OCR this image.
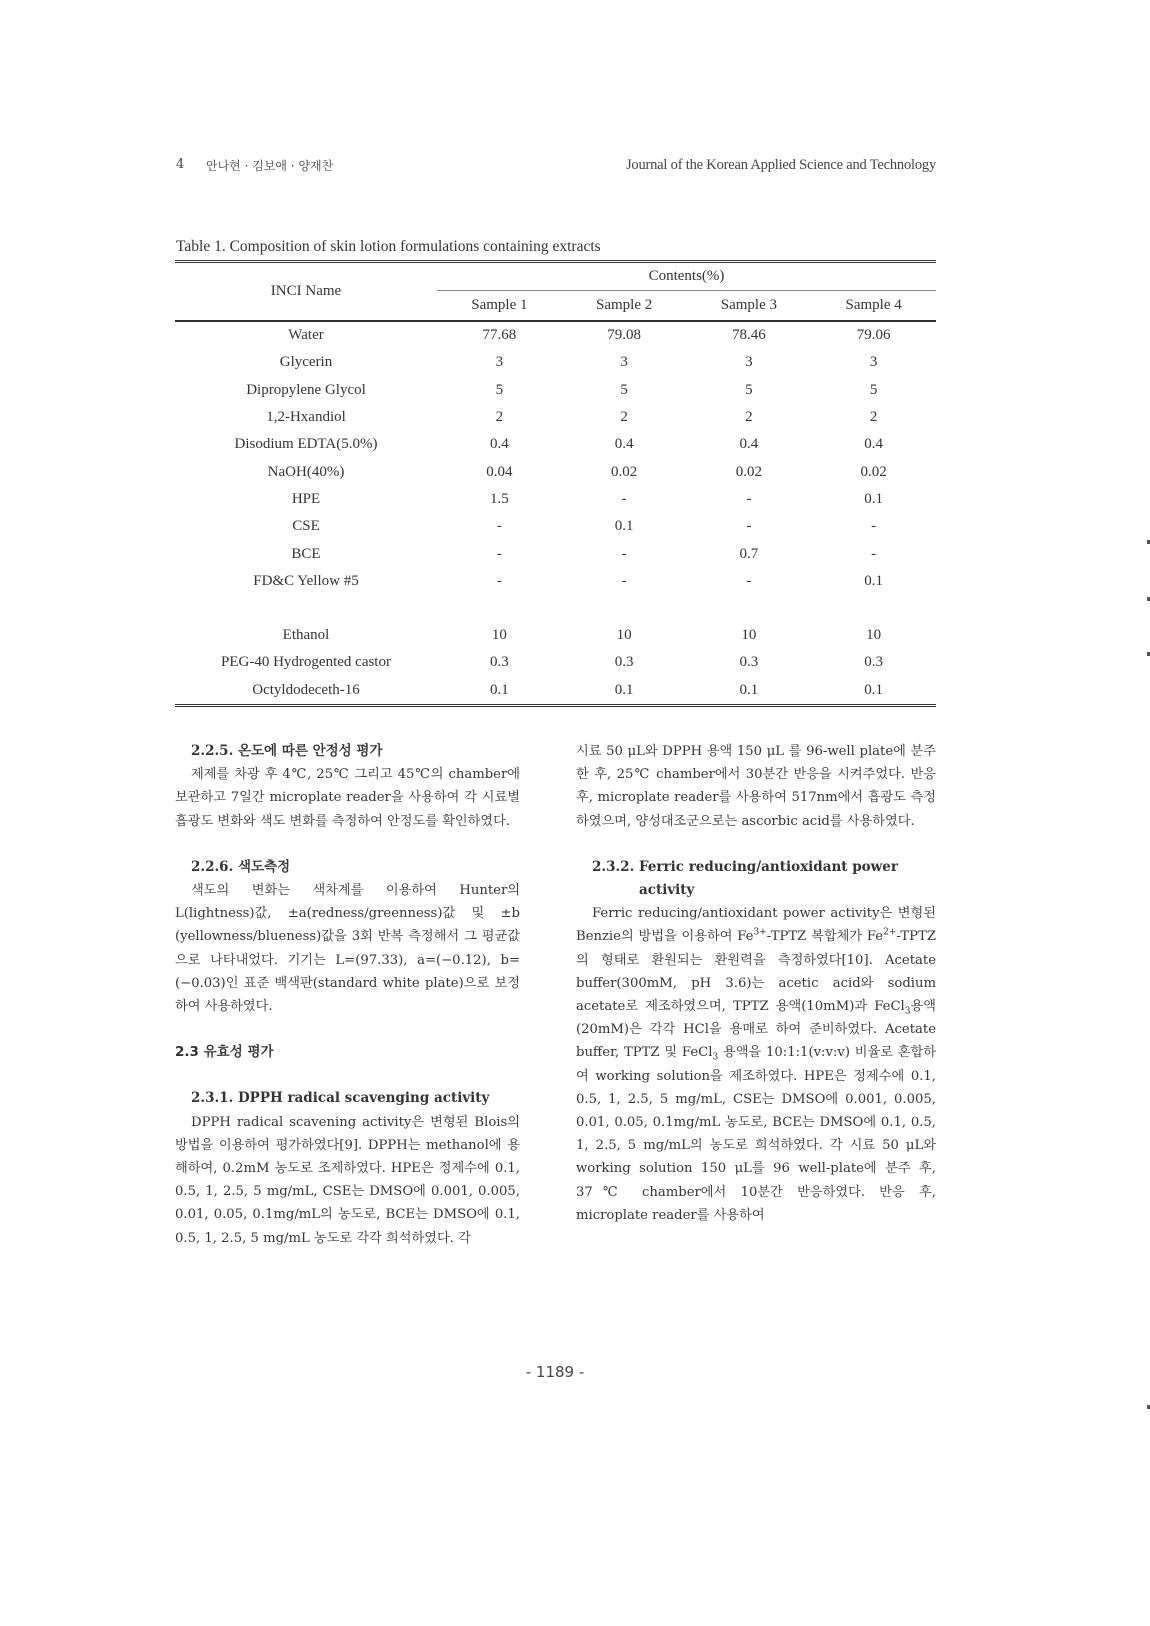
4 안나현 · 김보애 · 양재찬	Journal of the Korean Applied Science and Technology
Table 1. Composition of skin lotion formulations containing extracts
INCI Name	Contents(%)			
	Sample 1	Sample 2	Sample 3	Sample 4
Water	77.68	79.08	78.46	79.06
Glycerin	3	3	3	3
Dipropylene Glycol	5	5	5	5
1,2-Hxandiol	2	2	2	2
Disodium EDTA(5.0%)	0.4	0.4	0.4	0.4
NaOH(40%)	0.04	0.02	0.02	0.02
HPE	1.5	-	-	0.1
CSE	-	0.1	-	-
BCE	-	-	0.7	-
FD&C Yellow #5	-	-	-	0.1

Ethanol	10	10	10	10
PEG-40 Hydrogented castor	0.3	0.3	0.3	0.3
Octyldodeceth-16	0.1	0.1	0.1	0.1

2.2.5. 온도에 따른 안정성 평가

제제를 차광 후 4℃, 25℃ 그리고 45℃의 chamber에 보관하고 7일간 microplate reader을 사용하여 각 시료별 흡광도 변화와 색도 변화를 측정하여 안정도를 확인하였다.

2.2.6. 색도측정

색도의 변화는 색차계를 이용하여 Hunter의 L(lightness)값, ±a(redness/greenness)값 및 ±b (yellowness/blueness)값을 3회 반복 측정해서 그 평균값으로 나타내었다. 기기는 L=(97.33), a=(−0.12), b=(−0.03)인 표준 백색판(standard white plate)으로 보정하여 사용하였다.

2.3 유효성 평가

2.3.1. DPPH radical scavenging activity

DPPH radical scavening activity은 변형된 Blois의 방법을 이용하여 평가하였다[9]. DPPH는 methanol에 용해하여, 0.2mM 농도로 조제하였다. HPE은 정제수에 0.1, 0.5, 1, 2.5, 5 mg/mL, CSE는 DMSO에 0.001, 0.005, 0.01, 0.05, 0.1mg/mL의 농도로, BCE는 DMSO에 0.1, 0.5, 1, 2.5, 5 mg/mL 농도로 각각 희석하였다. 각

시료 50 μL와 DPPH 용액 150 μL 를 96-well plate에 분주한 후, 25℃ chamber에서 30분간 반응을 시켜주었다. 반응 후, microplate reader를 사용하여 517nm에서 흡광도 측정하였으며, 양성대조군으로는 ascorbic acid를 사용하였다.

2.3.2. Ferric reducing/antioxidant power
activity

Ferric reducing/antioxidant power activity은 변형된 Benzie의 방법을 이용하여 $Fe^{3+}$-TPTZ 복합체가 $Fe^{2+}$-TPTZ의 형태로 환원되는 환원력을 측정하였다[10]. Acetate buffer(300mM, pH 3.6)는 acetic acid와 sodium acetate로 제조하였으며, TPTZ 용액(10mM)과 FeCl$_3$용액(20mM)은 각각 HCl을 용매로 하여 준비하였다. Acetate buffer, TPTZ 및 FeCl$_3$ 용액을 10:1:1(v:v:v) 비율로 혼합하여 working solution을 제조하였다. HPE은 정제수에 0.1, 0.5, 1, 2.5, 5 mg/mL, CSE는 DMSO에 0.001, 0.005, 0.01, 0.05, 0.1mg/mL 농도로, BCE는 DMSO에 0.1, 0.5, 1, 2.5, 5 mg/mL의 농도로 희석하였다. 각 시료 50 μL와 working solution 150 μL를 96 well-plate에 분주 후, 37℃ chamber에서 10분간 반응하였다. 반응 후, microplate reader를 사용하여

- 1189 -
